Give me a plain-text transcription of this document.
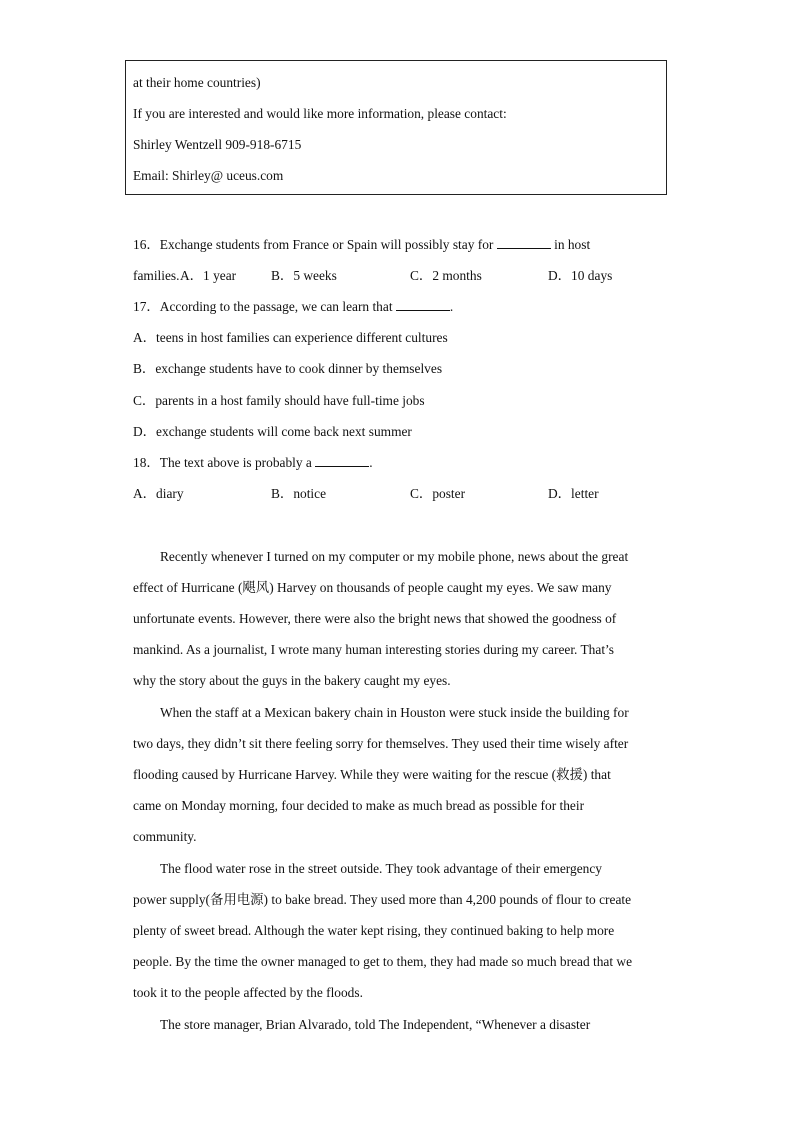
at their home countries)
If you are interested and would like more information, please contact:
Shirley Wentzell 909-918-6715
Email: Shirley@ uceus.com
16．Exchange students from France or Spain will possibly stay for	in host
families. A．1 year	B．5 weeks	C．2 months	D．10 days
17．According to the passage, we can learn that	.
A．teens in host families can experience different cultures
B．exchange students have to cook dinner by themselves
C．parents in a host family should have full-time jobs
D．exchange students will come back next summer
18．The text above is probably a	.
A．diary	B．notice	C．poster	D．letter
Recently whenever I turned on my computer or my mobile phone, news about the great
effect of Hurricane (飓风) Harvey on thousands of people caught my eyes. We saw many
unfortunate events. However, there were also the bright news that showed the goodness of
mankind. As a journalist, I wrote many human interesting stories during my career. That’s
why the story about the guys in the bakery caught my eyes.
When the staff at a Mexican bakery chain in Houston were stuck inside the building for
two days, they didn’t sit there feeling sorry for themselves. They used their time wisely after
flooding caused by Hurricane Harvey. While they were waiting for the rescue (救援) that
came on Monday morning, four decided to make as much bread as possible for their
community.
The flood water rose in the street outside. They took advantage of their emergency
power supply(备用电源) to bake bread. They used more than 4,200 pounds of flour to create
plenty of sweet bread. Although the water kept rising, they continued baking to help more
people. By the time the owner managed to get to them, they had made so much bread that we
took it to the people affected by the floods.
The store manager, Brian Alvarado, told The Independent, “Whenever a disaster
